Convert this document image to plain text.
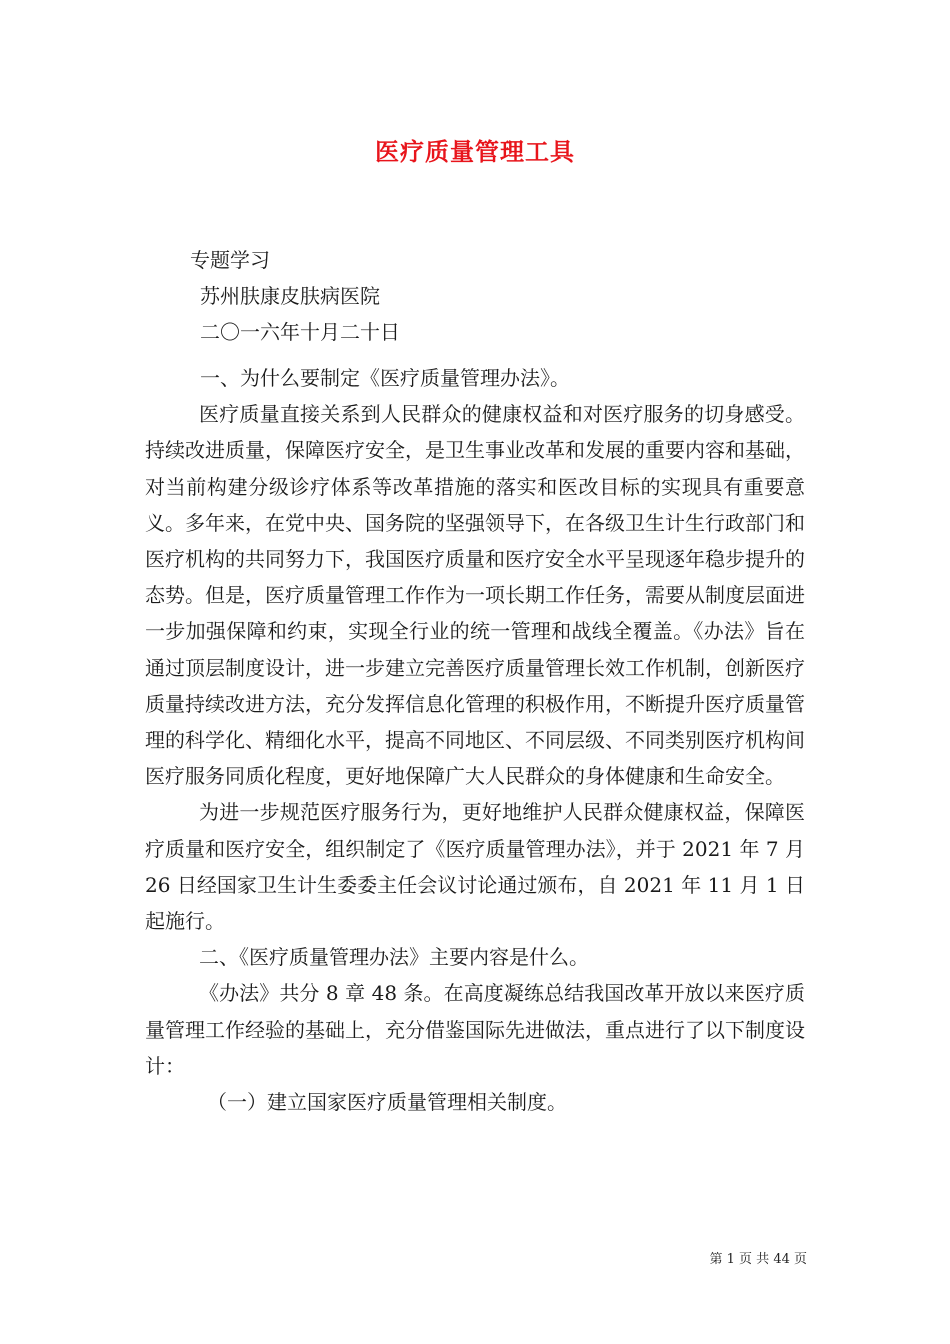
医疗质量管理工具
专题学习
苏州肤康皮肤病医院
二〇一六年十月二十日

一、为什么要制定《医疗质量管理办法》。

医疗质量直接关系到人民群众的健康权益和对医疗服务的切身感受。持续改进质量，保障医疗安全，是卫生事业改革和发展的重要内容和基础，对当前构建分级诊疗体系等改革措施的落实和医改目标的实现具有重要意义。多年来，在党中央、国务院的坚强领导下，在各级卫生计生行政部门和医疗机构的共同努力下，我国医疗质量和医疗安全水平呈现逐年稳步提升的态势。但是，医疗质量管理工作作为一项长期工作任务，需要从制度层面进一步加强保障和约束，实现全行业的统一管理和战线全覆盖。《办法》旨在通过顶层制度设计，进一步建立完善医疗质量管理长效工作机制，创新医疗质量持续改进方法，充分发挥信息化管理的积极作用，不断提升医疗质量管理的科学化、精细化水平，提高不同地区、不同层级、不同类别医疗机构间医疗服务同质化程度，更好地保障广大人民群众的身体健康和生命安全。

为进一步规范医疗服务行为，更好地维护人民群众健康权益，保障医疗质量和医疗安全，组织制定了《医疗质量管理办法》，并于 2021 年 7 月 26 日经国家卫生计生委委主任会议讨论通过颁布，自 2021 年 11 月 1 日起施行。

二、《医疗质量管理办法》主要内容是什么。

《办法》共分 8 章 48 条。在高度凝练总结我国改革开放以来医疗质量管理工作经验的基础上，充分借鉴国际先进做法，重点进行了以下制度设计：

（一）建立国家医疗质量管理相关制度。

第 1 页 共 44 页
